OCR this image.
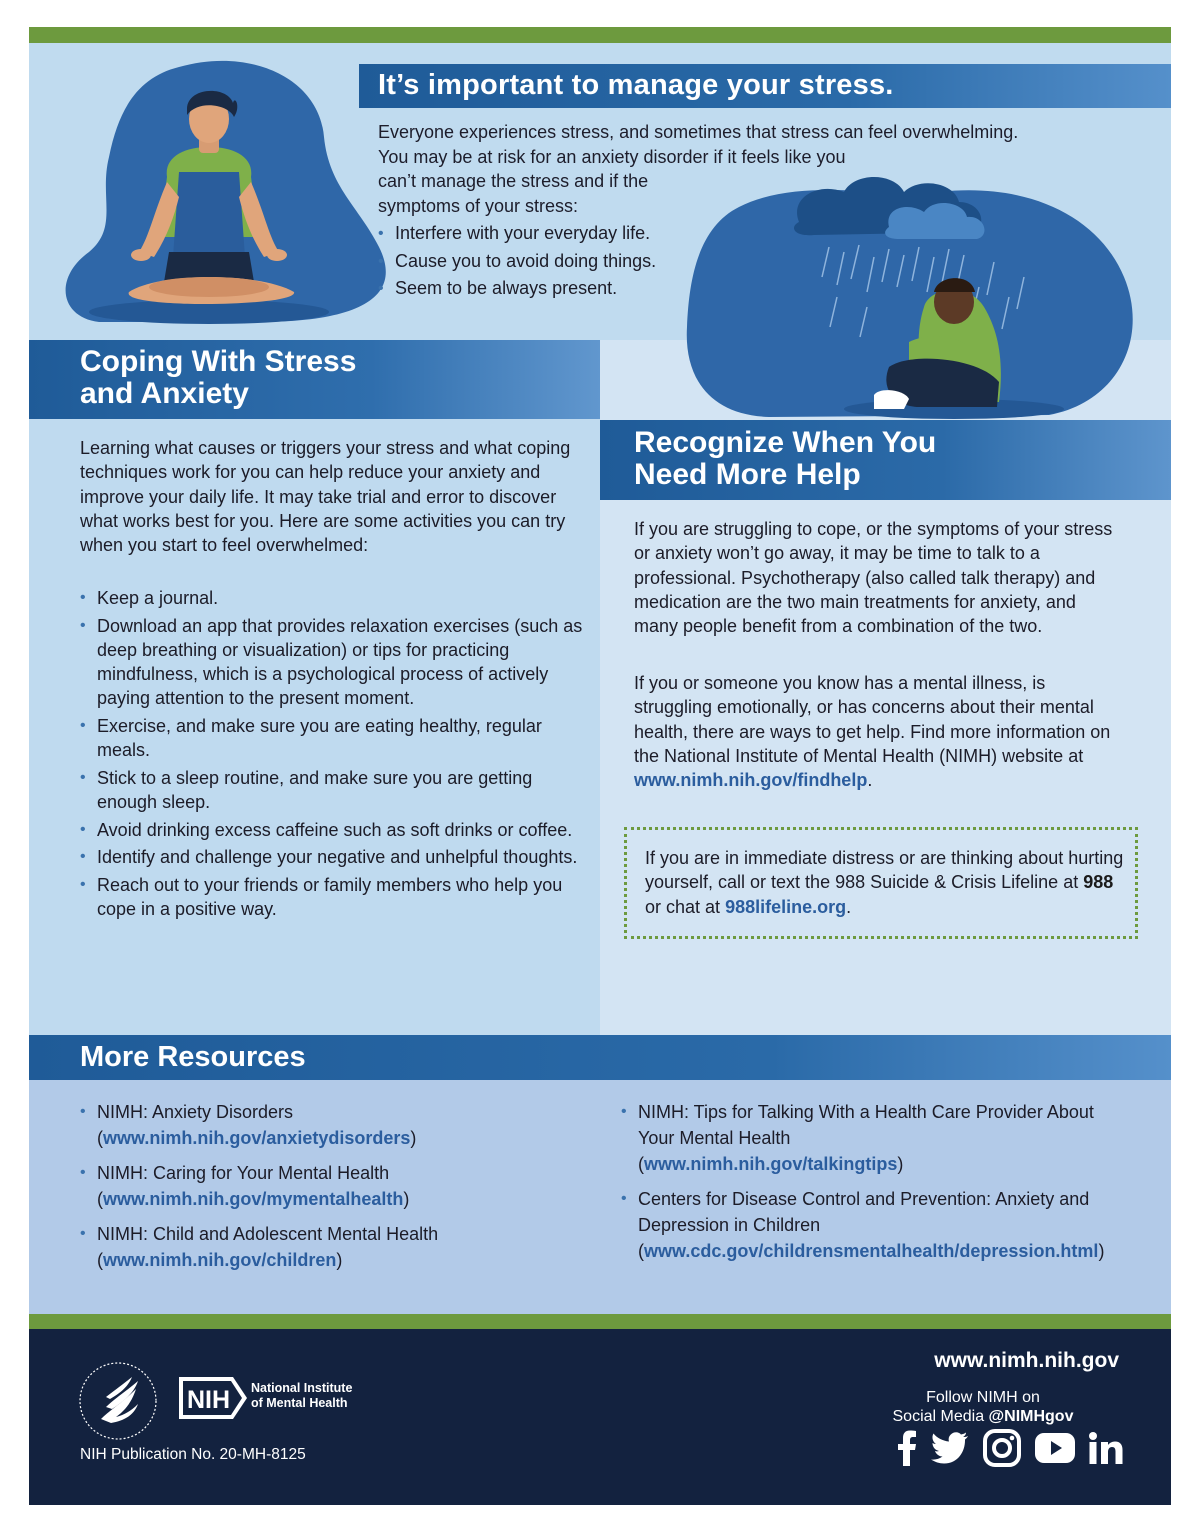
It’s important to manage your stress.
Everyone experiences stress, and sometimes that stress can feel overwhelming.
You may be at risk for an anxiety disorder if it feels like you
can’t manage the stress and if the
symptoms of your stress:
• Interfere with your everyday life.
• Cause you to avoid doing things.
• Seem to be always present.
Coping With Stress
and Anxiety

Learning what causes or triggers your stress and what coping techniques work for you can help reduce your anxiety and improve your daily life. It may take trial and error to discover what works best for you. Here are some activities you can try when you start to feel overwhelmed:

• Keep a journal.
• Download an app that provides relaxation exercises (such as deep breathing or visualization) or tips for practicing mindfulness, which is a psychological process of actively paying attention to the present moment.
• Exercise, and make sure you are eating healthy, regular meals.
• Stick to a sleep routine, and make sure you are getting enough sleep.
• Avoid drinking excess caffeine such as soft drinks or coffee.
• Identify and challenge your negative and unhelpful thoughts.
• Reach out to your friends or family members who help you cope in a positive way.
Recognize When You
Need More Help

If you are struggling to cope, or the symptoms of your stress or anxiety won’t go away, it may be time to talk to a professional. Psychotherapy (also called talk therapy) and medication are the two main treatments for anxiety, and many people benefit from a combination of the two.

If you or someone you know has a mental illness, is struggling emotionally, or has concerns about their mental health, there are ways to get help. Find more information on the National Institute of Mental Health (NIMH) website at  www.nimh.nih.gov/findhelp.

If you are in immediate distress or are thinking about hurting yourself, call or text the 988 Suicide & Crisis Lifeline at 988 or chat at 988lifeline.org.

More Resources
• NIMH: Anxiety Disorders
(www.nimh.nih.gov/anxietydisorders)
• NIMH: Caring for Your Mental Health
(www.nimh.nih.gov/mymentalhealth)
• NIMH: Child and Adolescent Mental Health
(www.nimh.nih.gov/children)
• NIMH: Tips for Talking With a Health Care Provider About Your Mental Health
(www.nimh.nih.gov/talkingtips)
• Centers for Disease Control and Prevention: Anxiety and Depression in Children
(www.cdc.gov/childrensmentalhealth/depression.html)
NIH National Institute
of Mental Health
NIH Publication No. 20-MH-8125
www.nimh.nih.gov
Follow NIMH on
Social Media @NIMHgov
